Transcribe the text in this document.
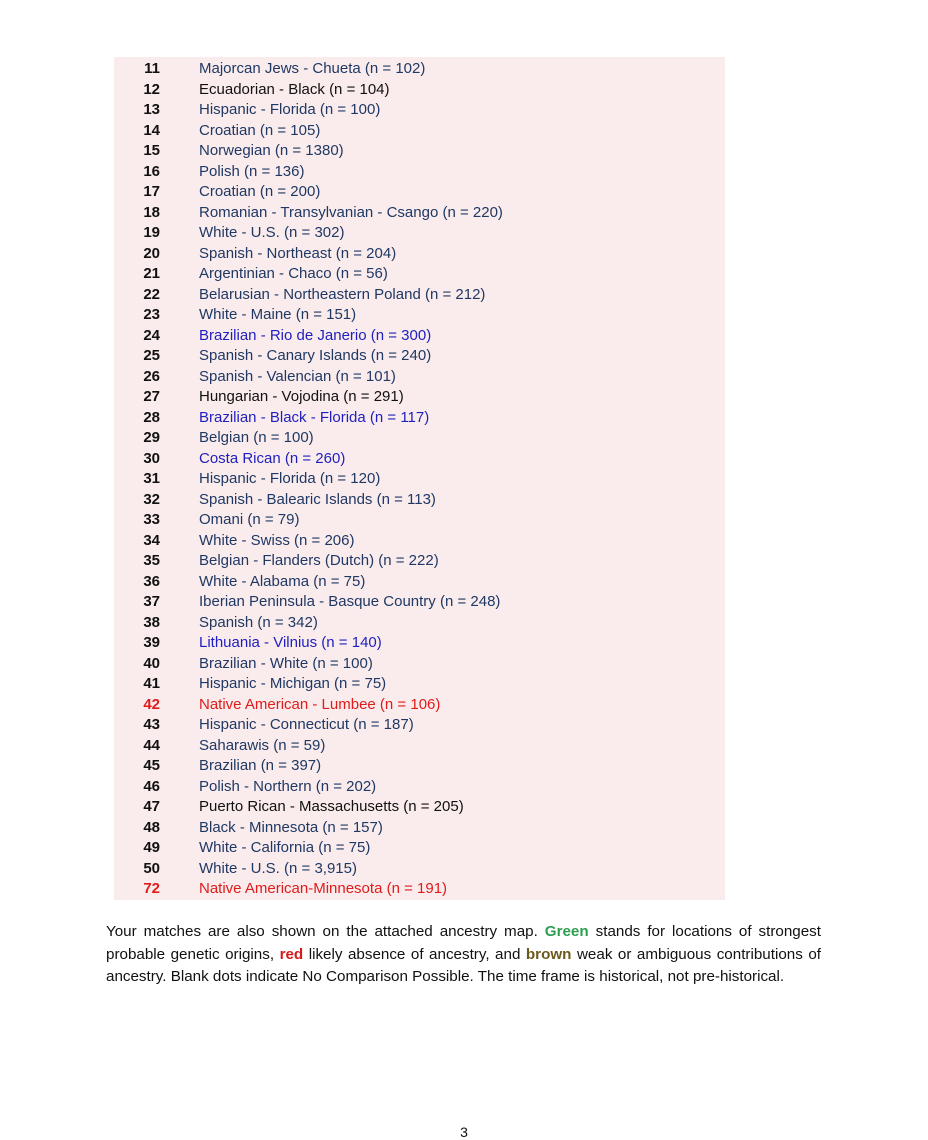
11	Majorcan Jews - Chueta (n = 102)
12	Ecuadorian - Black (n = 104)
13	Hispanic - Florida (n = 100)
14	Croatian (n = 105)
15	Norwegian (n = 1380)
16	Polish (n = 136)
17	Croatian (n = 200)
18	Romanian - Transylvanian - Csango (n = 220)
19	White - U.S. (n = 302)
20	Spanish - Northeast (n = 204)
21	Argentinian - Chaco (n = 56)
22	Belarusian - Northeastern Poland (n = 212)
23	White - Maine (n = 151)
24	Brazilian - Rio de Janerio (n = 300)
25	Spanish - Canary Islands (n = 240)
26	Spanish - Valencian (n = 101)
27	Hungarian - Vojodina (n = 291)
28	Brazilian - Black - Florida (n = 117)
29	Belgian (n = 100)
30	Costa Rican (n = 260)
31	Hispanic - Florida (n = 120)
32	Spanish - Balearic Islands (n = 113)
33	Omani (n = 79)
34	White - Swiss (n = 206)
35	Belgian - Flanders (Dutch) (n = 222)
36	White - Alabama (n = 75)
37	Iberian Peninsula - Basque Country (n = 248)
38	Spanish (n = 342)
39	Lithuania - Vilnius (n = 140)
40	Brazilian - White (n = 100)
41	Hispanic - Michigan (n = 75)
42	Native American - Lumbee (n = 106)
43	Hispanic - Connecticut (n = 187)
44	Saharawis (n = 59)
45	Brazilian (n = 397)
46	Polish - Northern (n = 202)
47	Puerto Rican - Massachusetts (n = 205)
48	Black - Minnesota (n = 157)
49	White - California (n = 75)
50	White - U.S. (n = 3,915)
72	Native American-Minnesota (n = 191)

Your matches are also shown on the attached ancestry map. Green stands for locations of strongest probable genetic origins, red likely absence of ancestry, and brown weak or ambiguous contributions of ancestry. Blank dots indicate No Comparison Possible. The time frame is historical, not pre-historical.

3
